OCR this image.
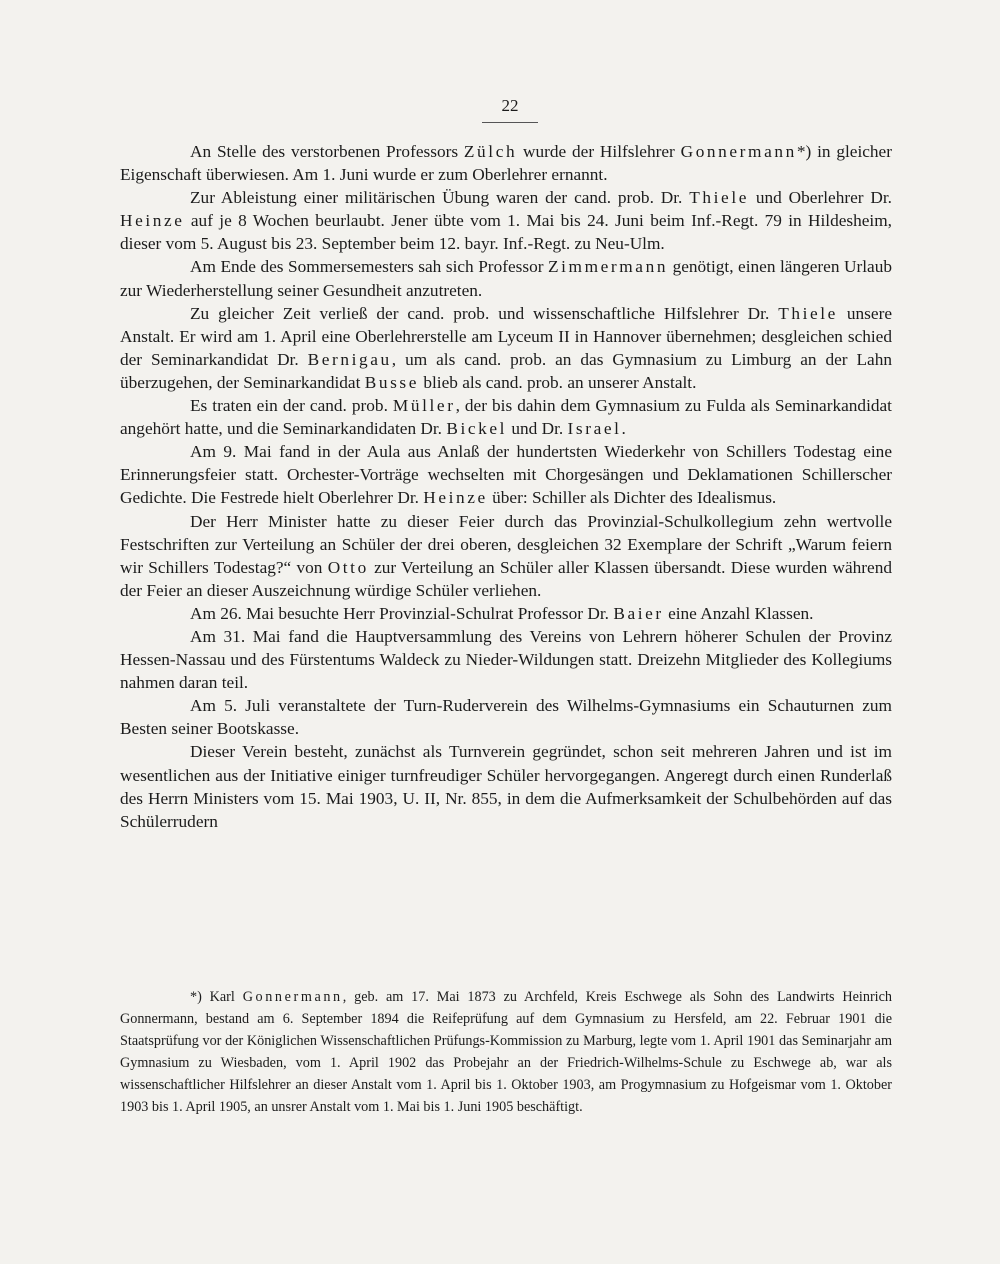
22

An Stelle des verstorbenen Professors Zülch wurde der Hilfslehrer Gonnermann*) in gleicher Eigenschaft überwiesen. Am 1. Juni wurde er zum Oberlehrer ernannt.

Zur Ableistung einer militärischen Übung waren der cand. prob. Dr. Thiele und Oberlehrer Dr. Heinze auf je 8 Wochen beurlaubt. Jener übte vom 1. Mai bis 24. Juni beim Inf.-Regt. 79 in Hildesheim, dieser vom 5. August bis 23. September beim 12. bayr. Inf.-Regt. zu Neu-Ulm.

Am Ende des Sommersemesters sah sich Professor Zimmermann genötigt, einen längeren Urlaub zur Wiederherstellung seiner Gesundheit anzutreten.

Zu gleicher Zeit verließ der cand. prob. und wissenschaftliche Hilfslehrer Dr. Thiele unsere Anstalt. Er wird am 1. April eine Oberlehrerstelle am Lyceum II in Hannover übernehmen; desgleichen schied der Seminarkandidat Dr. Bernigau, um als cand. prob. an das Gymnasium zu Limburg an der Lahn überzugehen, der Seminarkandidat Busse blieb als cand. prob. an unserer Anstalt.

Es traten ein der cand. prob. Müller, der bis dahin dem Gymnasium zu Fulda als Seminarkandidat angehört hatte, und die Seminarkandidaten Dr. Bickel und Dr. Israel.

Am 9. Mai fand in der Aula aus Anlaß der hundertsten Wiederkehr von Schillers Todestag eine Erinnerungsfeier statt. Orchester-Vorträge wechselten mit Chorgesängen und Deklamationen Schillerscher Gedichte. Die Festrede hielt Oberlehrer Dr. Heinze über: Schiller als Dichter des Idealismus.

Der Herr Minister hatte zu dieser Feier durch das Provinzial-Schulkollegium zehn wertvolle Festschriften zur Verteilung an Schüler der drei oberen, desgleichen 32 Exemplare der Schrift „Warum feiern wir Schillers Todestag?“ von Otto zur Verteilung an Schüler aller Klassen übersandt. Diese wurden während der Feier an dieser Auszeichnung würdige Schüler verliehen.

Am 26. Mai besuchte Herr Provinzial-Schulrat Professor Dr. Baier eine Anzahl Klassen.

Am 31. Mai fand die Hauptversammlung des Vereins von Lehrern höherer Schulen der Provinz Hessen-Nassau und des Fürstentums Waldeck zu Nieder-Wildungen statt. Dreizehn Mitglieder des Kollegiums nahmen daran teil.

Am 5. Juli veranstaltete der Turn-Ruderverein des Wilhelms-Gymnasiums ein Schauturnen zum Besten seiner Bootskasse.

Dieser Verein besteht, zunächst als Turnverein gegründet, schon seit mehreren Jahren und ist im wesentlichen aus der Initiative einiger turnfreudiger Schüler hervorgegangen. Angeregt durch einen Runderlaß des Herrn Ministers vom 15. Mai 1903, U. II, Nr. 855, in dem die Aufmerksamkeit der Schulbehörden auf das Schülerrudern

*) Karl Gonnermann, geb. am 17. Mai 1873 zu Archfeld, Kreis Eschwege als Sohn des Landwirts Heinrich Gonnermann, bestand am 6. September 1894 die Reifeprüfung auf dem Gymnasium zu Hersfeld, am 22. Februar 1901 die Staatsprüfung vor der Königlichen Wissenschaftlichen Prüfungs-Kommission zu Marburg, legte vom 1. April 1901 das Seminarjahr am Gymnasium zu Wiesbaden, vom 1. April 1902 das Probejahr an der Friedrich-Wilhelms-Schule zu Eschwege ab, war als wissenschaftlicher Hilfslehrer an dieser Anstalt vom 1. April bis 1. Oktober 1903, am Progymnasium zu Hofgeismar vom 1. Oktober 1903 bis 1. April 1905, an unsrer Anstalt vom 1. Mai bis 1. Juni 1905 beschäftigt.
